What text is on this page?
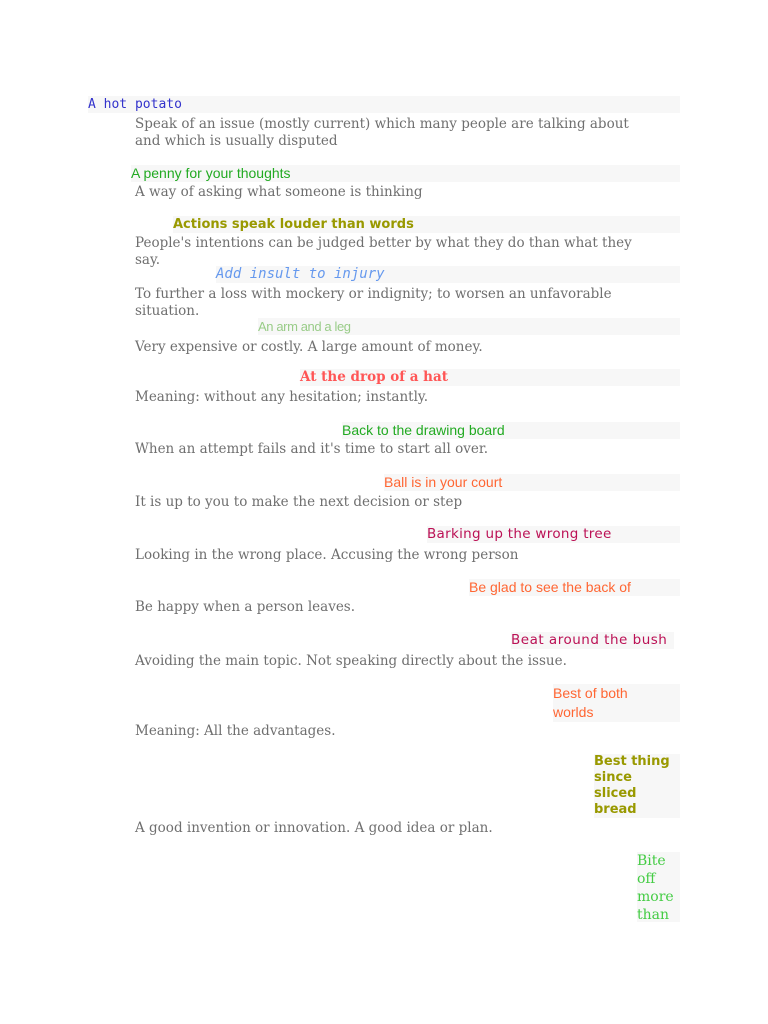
A hot potato
Speak of an issue (mostly current) which many people are talking about and which is usually disputed
A penny for your thoughts
A way of asking what someone is thinking
Actions speak louder than words
People's intentions can be judged better by what they do than what they say.
Add insult to injury
To further a loss with mockery or indignity; to worsen an unfavorable situation.
An arm and a leg
Very expensive or costly. A large amount of money.
At the drop of a hat
Meaning: without any hesitation; instantly.
Back to the drawing board
When an attempt fails and it's time to start all over.
Ball is in your court
It is up to you to make the next decision or step
Barking up the wrong tree
Looking in the wrong place. Accusing the wrong person
Be glad to see the back of
Be happy when a person leaves.
Beat around the bush
Avoiding the main topic. Not speaking directly about the issue.
Best of both worlds
Meaning: All the advantages.
Best thing since sliced bread
A good invention or innovation. A good idea or plan.
Bite off more than
